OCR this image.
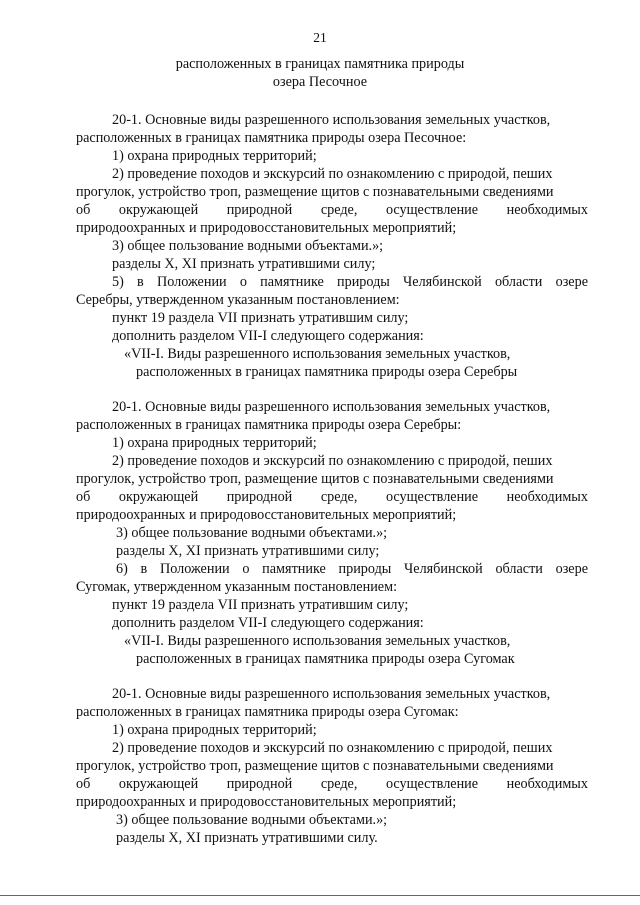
21
расположенных в границах памятника природы
озера Песочное
20-1. Основные виды разрешенного использования земельных участков,
расположенных в границах памятника природы озера Песочное:
1) охрана природных территорий;
2) проведение походов и экскурсий по ознакомлению с природой, пеших
прогулок, устройство троп, размещение щитов с познавательными сведениями
об окружающей природной среде, осуществление необходимых
природоохранных и природовосстановительных мероприятий;
3) общее пользование водными объектами.»;
разделы X, XI признать утратившими силу;
5) в Положении о памятнике природы Челябинской области озере
Серебры, утвержденном указанным постановлением:
пункт 19 раздела VII признать утратившим силу;
дополнить разделом VII-I следующего содержания:
«VII-I. Виды разрешенного использования земельных участков,
расположенных в границах памятника природы озера Серебры
20-1. Основные виды разрешенного использования земельных участков,
расположенных в границах памятника природы озера Серебры:
1) охрана природных территорий;
2) проведение походов и экскурсий по ознакомлению с природой, пеших
прогулок, устройство троп, размещение щитов с познавательными сведениями
об окружающей природной среде, осуществление необходимых
природоохранных и природовосстановительных мероприятий;
3) общее пользование водными объектами.»;
разделы X, XI признать утратившими силу;
6) в Положении о памятнике природы Челябинской области озере
Сугомак, утвержденном указанным постановлением:
пункт 19 раздела VII признать утратившим силу;
дополнить разделом VII-I следующего содержания:
«VII-I. Виды разрешенного использования земельных участков,
расположенных в границах памятника природы озера Сугомак
20-1. Основные виды разрешенного использования земельных участков,
расположенных в границах памятника природы озера Сугомак:
1) охрана природных территорий;
2) проведение походов и экскурсий по ознакомлению с природой, пеших
прогулок, устройство троп, размещение щитов с познавательными сведениями
об окружающей природной среде, осуществление необходимых
природоохранных и природовосстановительных мероприятий;
3) общее пользование водными объектами.»;
разделы X, XI признать утратившими силу.
